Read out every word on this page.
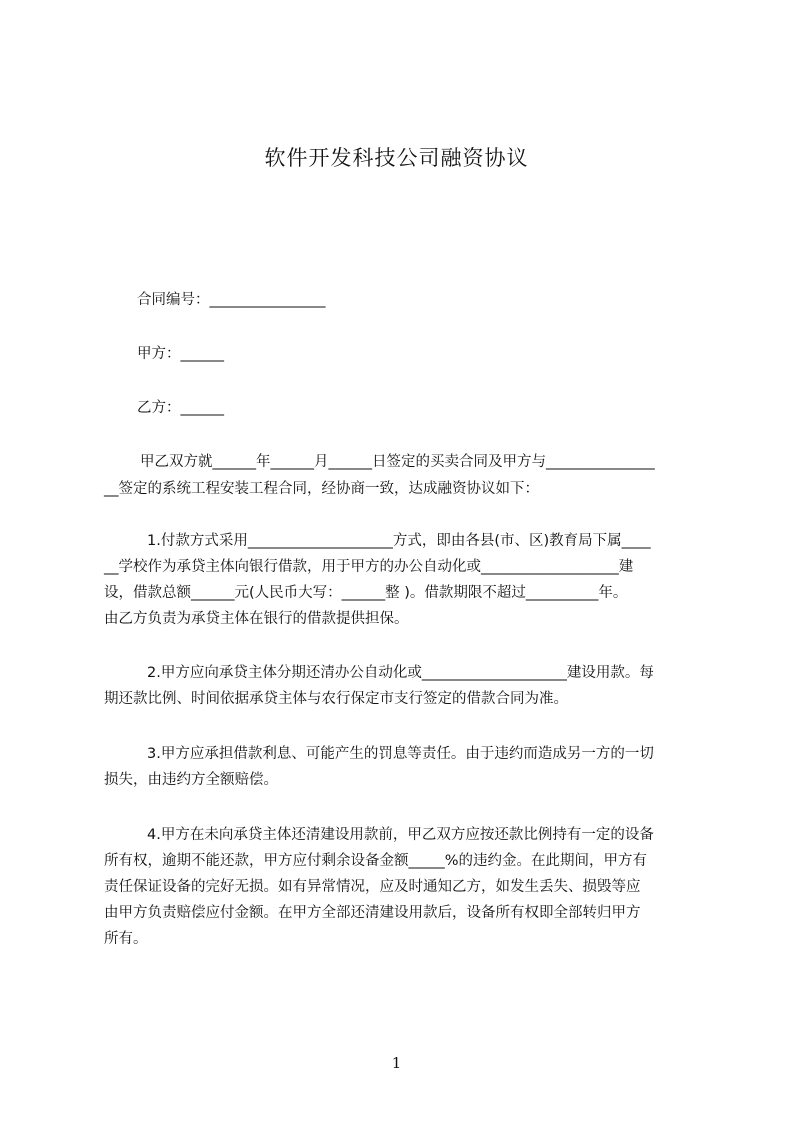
软件开发科技公司融资协议
合同编号：________________
甲方：______
乙方：______
甲乙双方就______年______月______日签定的买卖合同及甲方与_______________
__签定的系统工程安装工程合同，经协商一致，达成融资协议如下：
1.付款方式采用____________________方式，即由各县(市、区)教育局下属____
__学校作为承贷主体向银行借款，用于甲方的办公自动化或___________________建
设，借款总额______元(人民币大写：______整 )。借款期限不超过__________年。
由乙方负责为承贷主体在银行的借款提供担保。
2.甲方应向承贷主体分期还清办公自动化或____________________建设用款。每
期还款比例、时间依据承贷主体与农行保定市支行签定的借款合同为准。
3.甲方应承担借款利息、可能产生的罚息等责任。由于违约而造成另一方的一切
损失，由违约方全额赔偿。
4.甲方在未向承贷主体还清建设用款前，甲乙双方应按还款比例持有一定的设备
所有权，逾期不能还款，甲方应付剩余设备金额_____%的违约金。在此期间，甲方有
责任保证设备的完好无损。如有异常情况，应及时通知乙方，如发生丢失、损毁等应
由甲方负责赔偿应付金额。在甲方全部还清建设用款后，设备所有权即全部转归甲方
所有。
1
